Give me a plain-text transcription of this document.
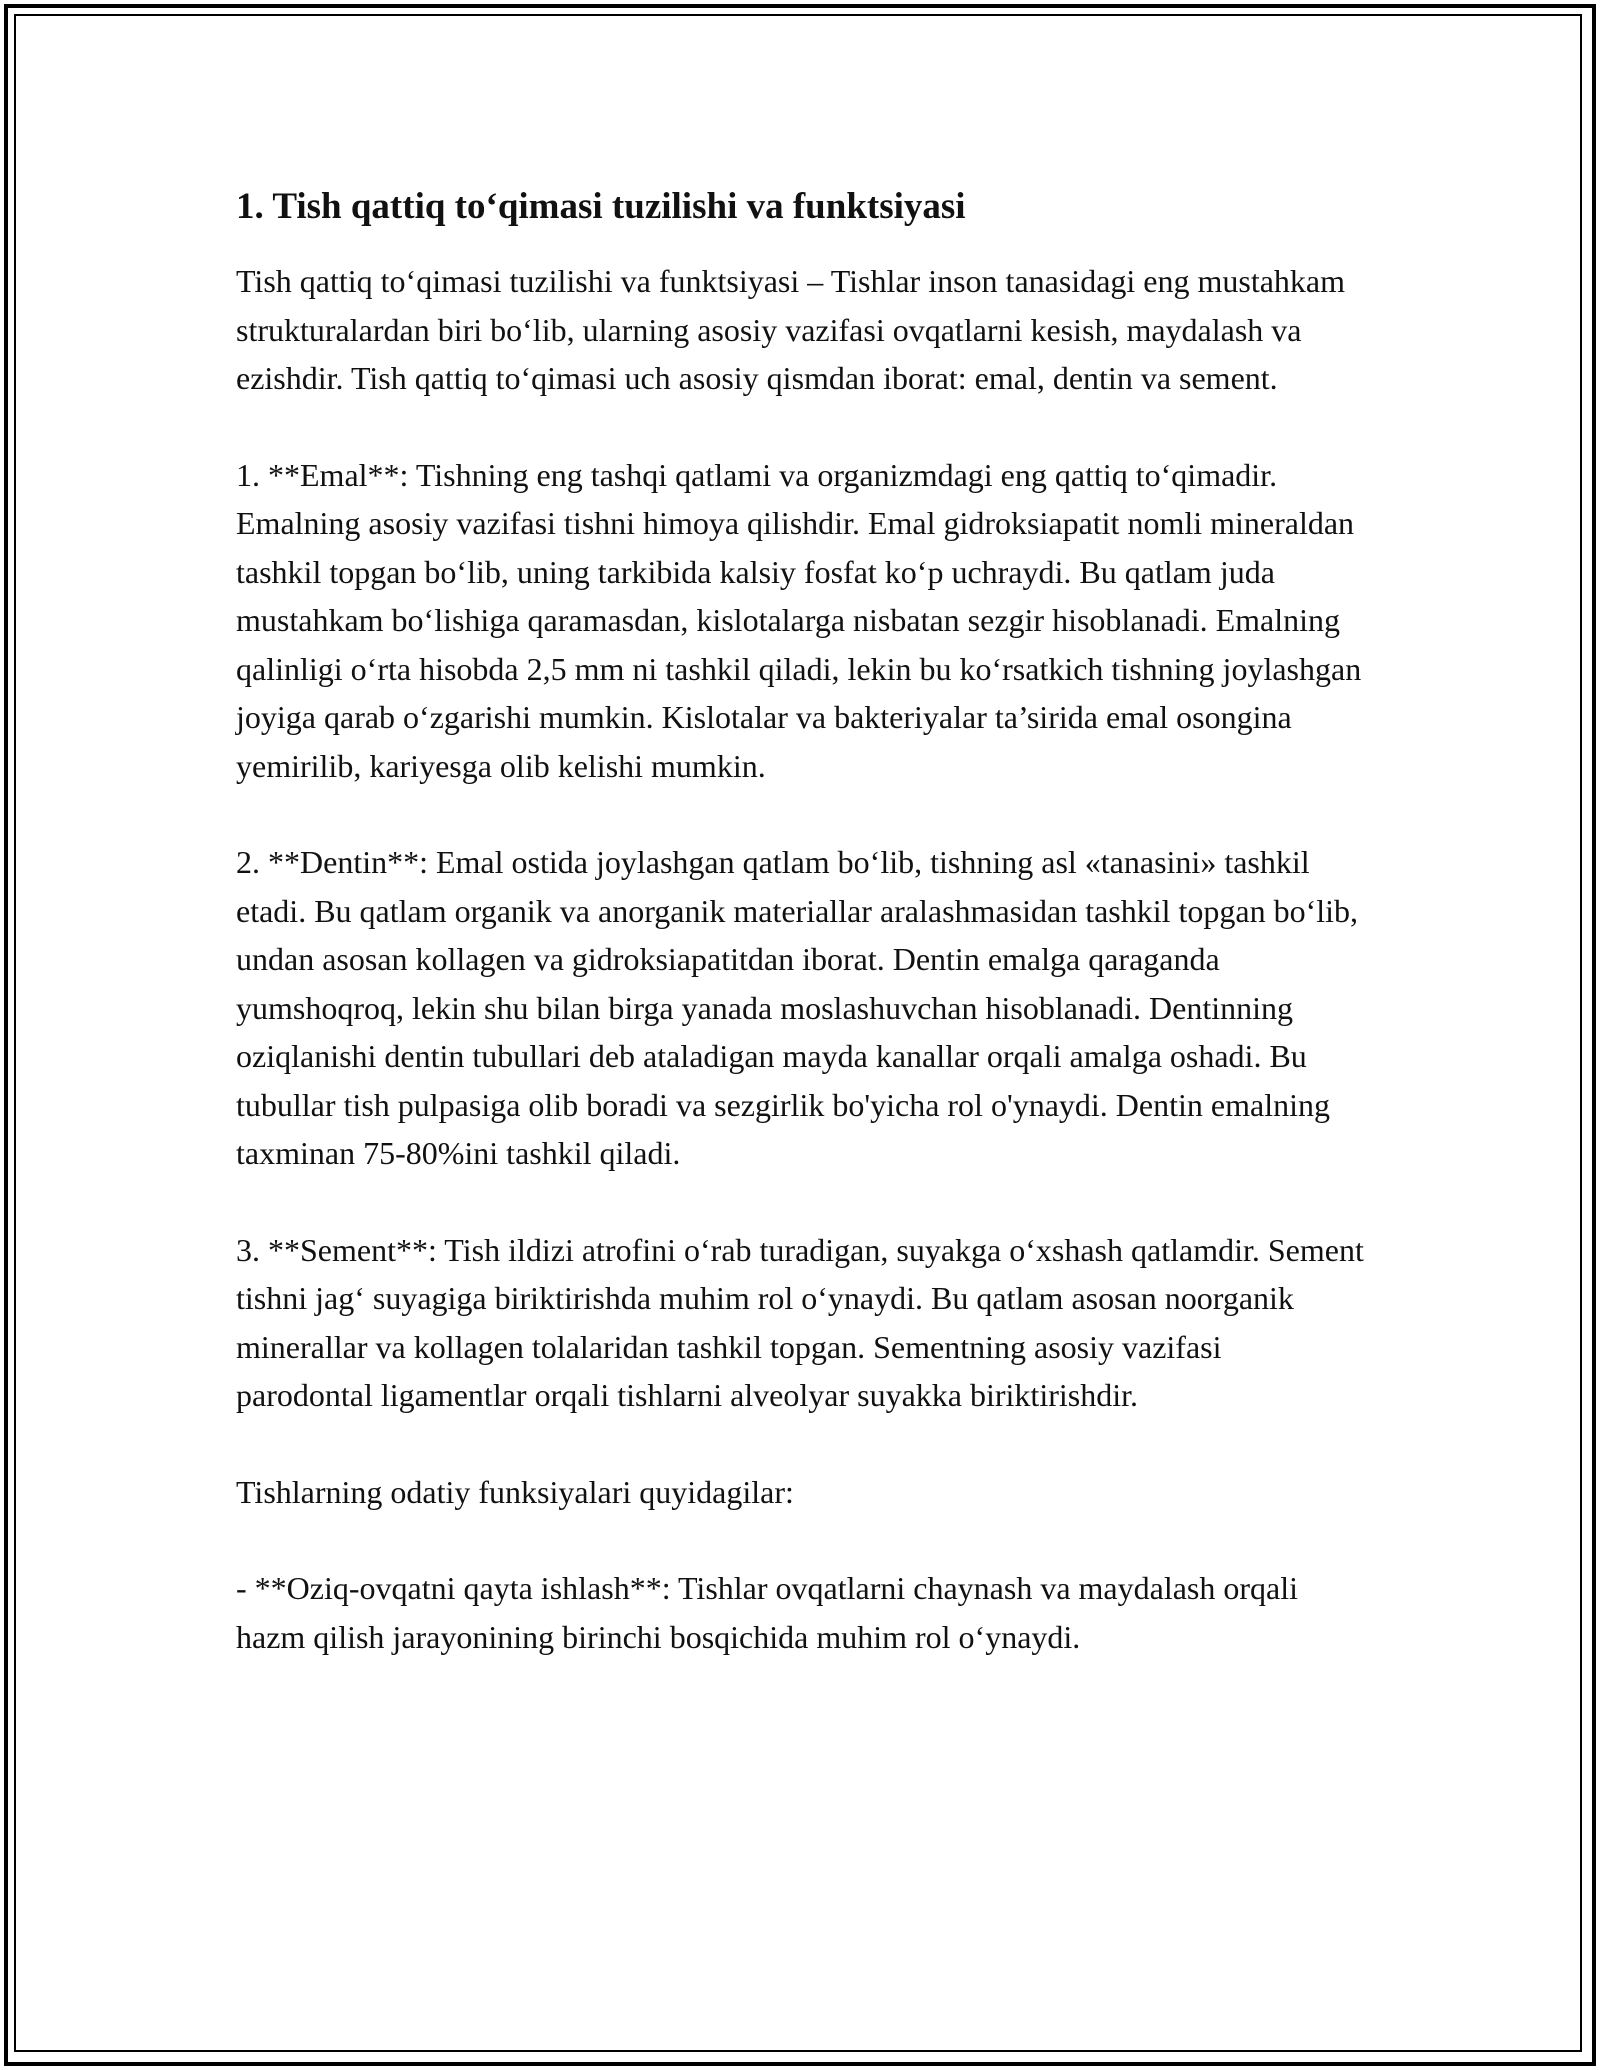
1. Tish qattiq to‘qimasi tuzilishi va funktsiyasi

Tish qattiq to‘qimasi tuzilishi va funktsiyasi – Tishlar inson tanasidagi eng mustahkam strukturalardan biri bo‘lib, ularning asosiy vazifasi ovqatlarni kesish, maydalash va ezishdir. Tish qattiq to‘qimasi uch asosiy qismdan iborat: emal, dentin va sement.

1. **Emal**: Tishning eng tashqi qatlami va organizmdagi eng qattiq to‘qimadir. Emalning asosiy vazifasi tishni himoya qilishdir. Emal gidroksiapatit nomli mineraldan tashkil topgan bo‘lib, uning tarkibida kalsiy fosfat ko‘p uchraydi. Bu qatlam juda mustahkam bo‘lishiga qaramasdan, kislotalarga nisbatan sezgir hisoblanadi. Emalning qalinligi o‘rta hisobda 2,5 mm ni tashkil qiladi, lekin bu ko‘rsatkich tishning joylashgan joyiga qarab o‘zgarishi mumkin. Kislotalar va bakteriyalar ta’sirida emal osongina yemirilib, kariyesga olib kelishi mumkin.

2. **Dentin**: Emal ostida joylashgan qatlam bo‘lib, tishning asl «tanasini» tashkil etadi. Bu qatlam organik va anorganik materiallar aralashmasidan tashkil topgan bo‘lib, undan asosan kollagen va gidroksiapatitdan iborat. Dentin emalga qaraganda yumshoqroq, lekin shu bilan birga yanada moslashuvchan hisoblanadi. Dentinning oziqlanishi dentin tubullari deb ataladigan mayda kanallar orqali amalga oshadi. Bu tubullar tish pulpasiga olib boradi va sezgirlik bo'yicha rol o'ynaydi. Dentin emalning taxminan 75-80%ini tashkil qiladi.

3. **Sement**: Tish ildizi atrofini o‘rab turadigan, suyakga o‘xshash qatlamdir. Sement tishni jag‘ suyagiga biriktirishda muhim rol o‘ynaydi. Bu qatlam asosan noorganik minerallar va kollagen tolalaridan tashkil topgan. Sementning asosiy vazifasi parodontal ligamentlar orqali tishlarni alveolyar suyakka biriktirishdir.

Tishlarning odatiy funksiyalari quyidagilar:

- **Oziq-ovqatni qayta ishlash**: Tishlar ovqatlarni chaynash va maydalash orqali hazm qilish jarayonining birinchi bosqichida muhim rol o‘ynaydi.
